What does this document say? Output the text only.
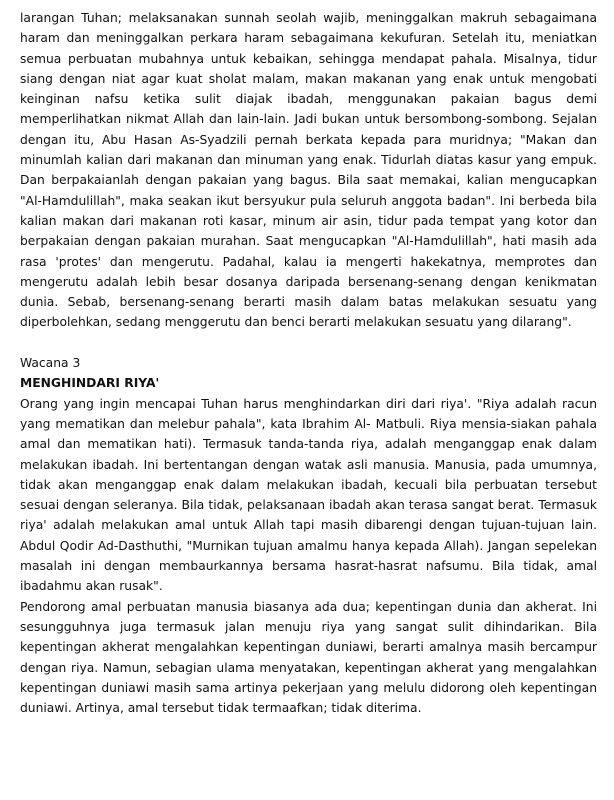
larangan Tuhan; melaksanakan sunnah seolah wajib, meninggalkan makruh sebagaimana haram dan meninggalkan perkara haram sebagaimana kekufuran. Setelah itu, meniatkan semua perbuatan mubahnya untuk kebaikan, sehingga mendapat pahala. Misalnya, tidur siang dengan niat agar kuat sholat malam, makan makanan yang enak untuk mengobati keinginan nafsu ketika sulit diajak ibadah, menggunakan pakaian bagus demi memperlihatkan nikmat Allah dan lain-lain. Jadi bukan untuk bersombong-sombong. Sejalan dengan itu, Abu Hasan As-Syadzili pernah berkata kepada para muridnya; "Makan dan minumlah kalian dari makanan dan minuman yang enak. Tidurlah diatas kasur yang empuk. Dan berpakaianlah dengan pakaian yang bagus. Bila saat memakai, kalian mengucapkan "Al-Hamdulillah", maka seakan ikut bersyukur pula seluruh anggota badan". Ini berbeda bila kalian makan dari makanan roti kasar, minum air asin, tidur pada tempat yang kotor dan berpakaian dengan pakaian murahan. Saat mengucapkan "Al-Hamdulillah", hati masih ada rasa 'protes' dan mengerutu. Padahal, kalau ia mengerti hakekatnya, memprotes dan mengerutu adalah lebih besar dosanya daripada bersenang-senang dengan kenikmatan dunia. Sebab, bersenang-senang berarti masih dalam batas melakukan sesuatu yang diperbolehkan, sedang menggerutu dan benci berarti melakukan sesuatu yang dilarang".

Wacana 3

MENGHINDARI RIYA'

Orang yang ingin mencapai Tuhan harus menghindarkan diri dari riya'. "Riya adalah racun yang mematikan dan melebur pahala", kata Ibrahim Al- Matbuli. Riya mensia-siakan pahala amal dan mematikan hati). Termasuk tanda-tanda riya, adalah menganggap enak dalam melakukan ibadah. Ini bertentangan dengan watak asli manusia. Manusia, pada umumnya, tidak akan menganggap enak dalam melakukan ibadah, kecuali bila perbuatan tersebut sesuai dengan seleranya. Bila tidak, pelaksanaan ibadah akan terasa sangat berat. Termasuk riya' adalah melakukan amal untuk Allah tapi masih dibarengi dengan tujuan-tujuan lain. Abdul Qodir Ad-Dasthuthi, "Murnikan tujuan amalmu hanya kepada Allah). Jangan sepelekan masalah ini dengan membaurkannya bersama hasrat-hasrat nafsumu. Bila tidak, amal ibadahmu akan rusak".

Pendorong amal perbuatan manusia biasanya ada dua; kepentingan dunia dan akherat. Ini sesungguhnya juga termasuk jalan menuju riya yang sangat sulit dihindarikan. Bila kepentingan akherat mengalahkan kepentingan duniawi, berarti amalnya masih bercampur dengan riya. Namun, sebagian ulama menyatakan, kepentingan akherat yang mengalahkan kepentingan duniawi masih sama artinya pekerjaan yang melulu didorong oleh kepentingan duniawi. Artinya, amal tersebut tidak termaafkan; tidak diterima.
